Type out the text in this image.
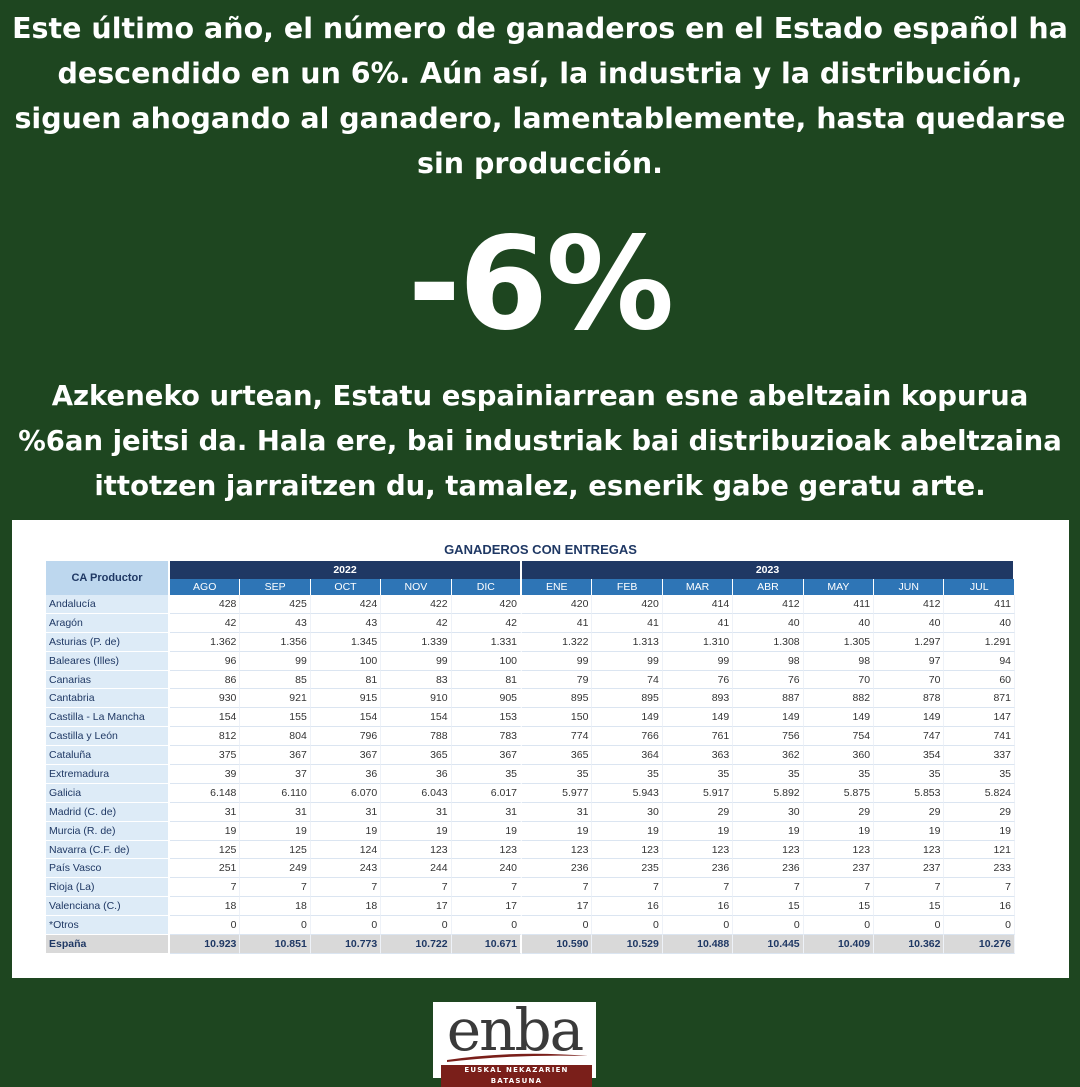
Este último año, el número de ganaderos en el Estado español ha descendido en un 6%. Aún así, la industria y la distribución, siguen ahogando al ganadero, lamentablemente, hasta quedarse sin producción.

-6%

Azkeneko urtean, Estatu espainiarrean esne abeltzain kopurua %6an jeitsi da. Hala ere, bai industriak bai distribuzioak abeltzaina ittotzen jarraitzen du, tamalez, esnerik gabe geratu arte.

GANADEROS CON ENTREGAS
CA Productor	2022					2023						
	AGO	SEP	OCT	NOV	DIC	ENE	FEB	MAR	ABR	MAY	JUN	JUL
Andalucía	428	425	424	422	420	420	420	414	412	411	412	411
Aragón	42	43	43	42	42	41	41	41	40	40	40	40
Asturias (P. de)	1.362	1.356	1.345	1.339	1.331	1.322	1.313	1.310	1.308	1.305	1.297	1.291
Baleares (Illes)	96	99	100	99	100	99	99	99	98	98	97	94
Canarias	86	85	81	83	81	79	74	76	76	70	70	60
Cantabria	930	921	915	910	905	895	895	893	887	882	878	871
Castilla - La Mancha	154	155	154	154	153	150	149	149	149	149	149	147
Castilla y León	812	804	796	788	783	774	766	761	756	754	747	741
Cataluña	375	367	367	365	367	365	364	363	362	360	354	337
Extremadura	39	37	36	36	35	35	35	35	35	35	35	35
Galicia	6.148	6.110	6.070	6.043	6.017	5.977	5.943	5.917	5.892	5.875	5.853	5.824
Madrid (C. de)	31	31	31	31	31	31	30	29	30	29	29	29
Murcia (R. de)	19	19	19	19	19	19	19	19	19	19	19	19
Navarra (C.F. de)	125	125	124	123	123	123	123	123	123	123	123	121
País Vasco	251	249	243	244	240	236	235	236	236	237	237	233
Rioja (La)	7	7	7	7	7	7	7	7	7	7	7	7
Valenciana (C.)	18	18	18	17	17	17	16	16	15	15	15	16
*Otros	0	0	0	0	0	0	0	0	0	0	0	0
España	10.923	10.851	10.773	10.722	10.671	10.590	10.529	10.488	10.445	10.409	10.362	10.276
enba
EUSKAL NEKAZARIEN BATASUNA
